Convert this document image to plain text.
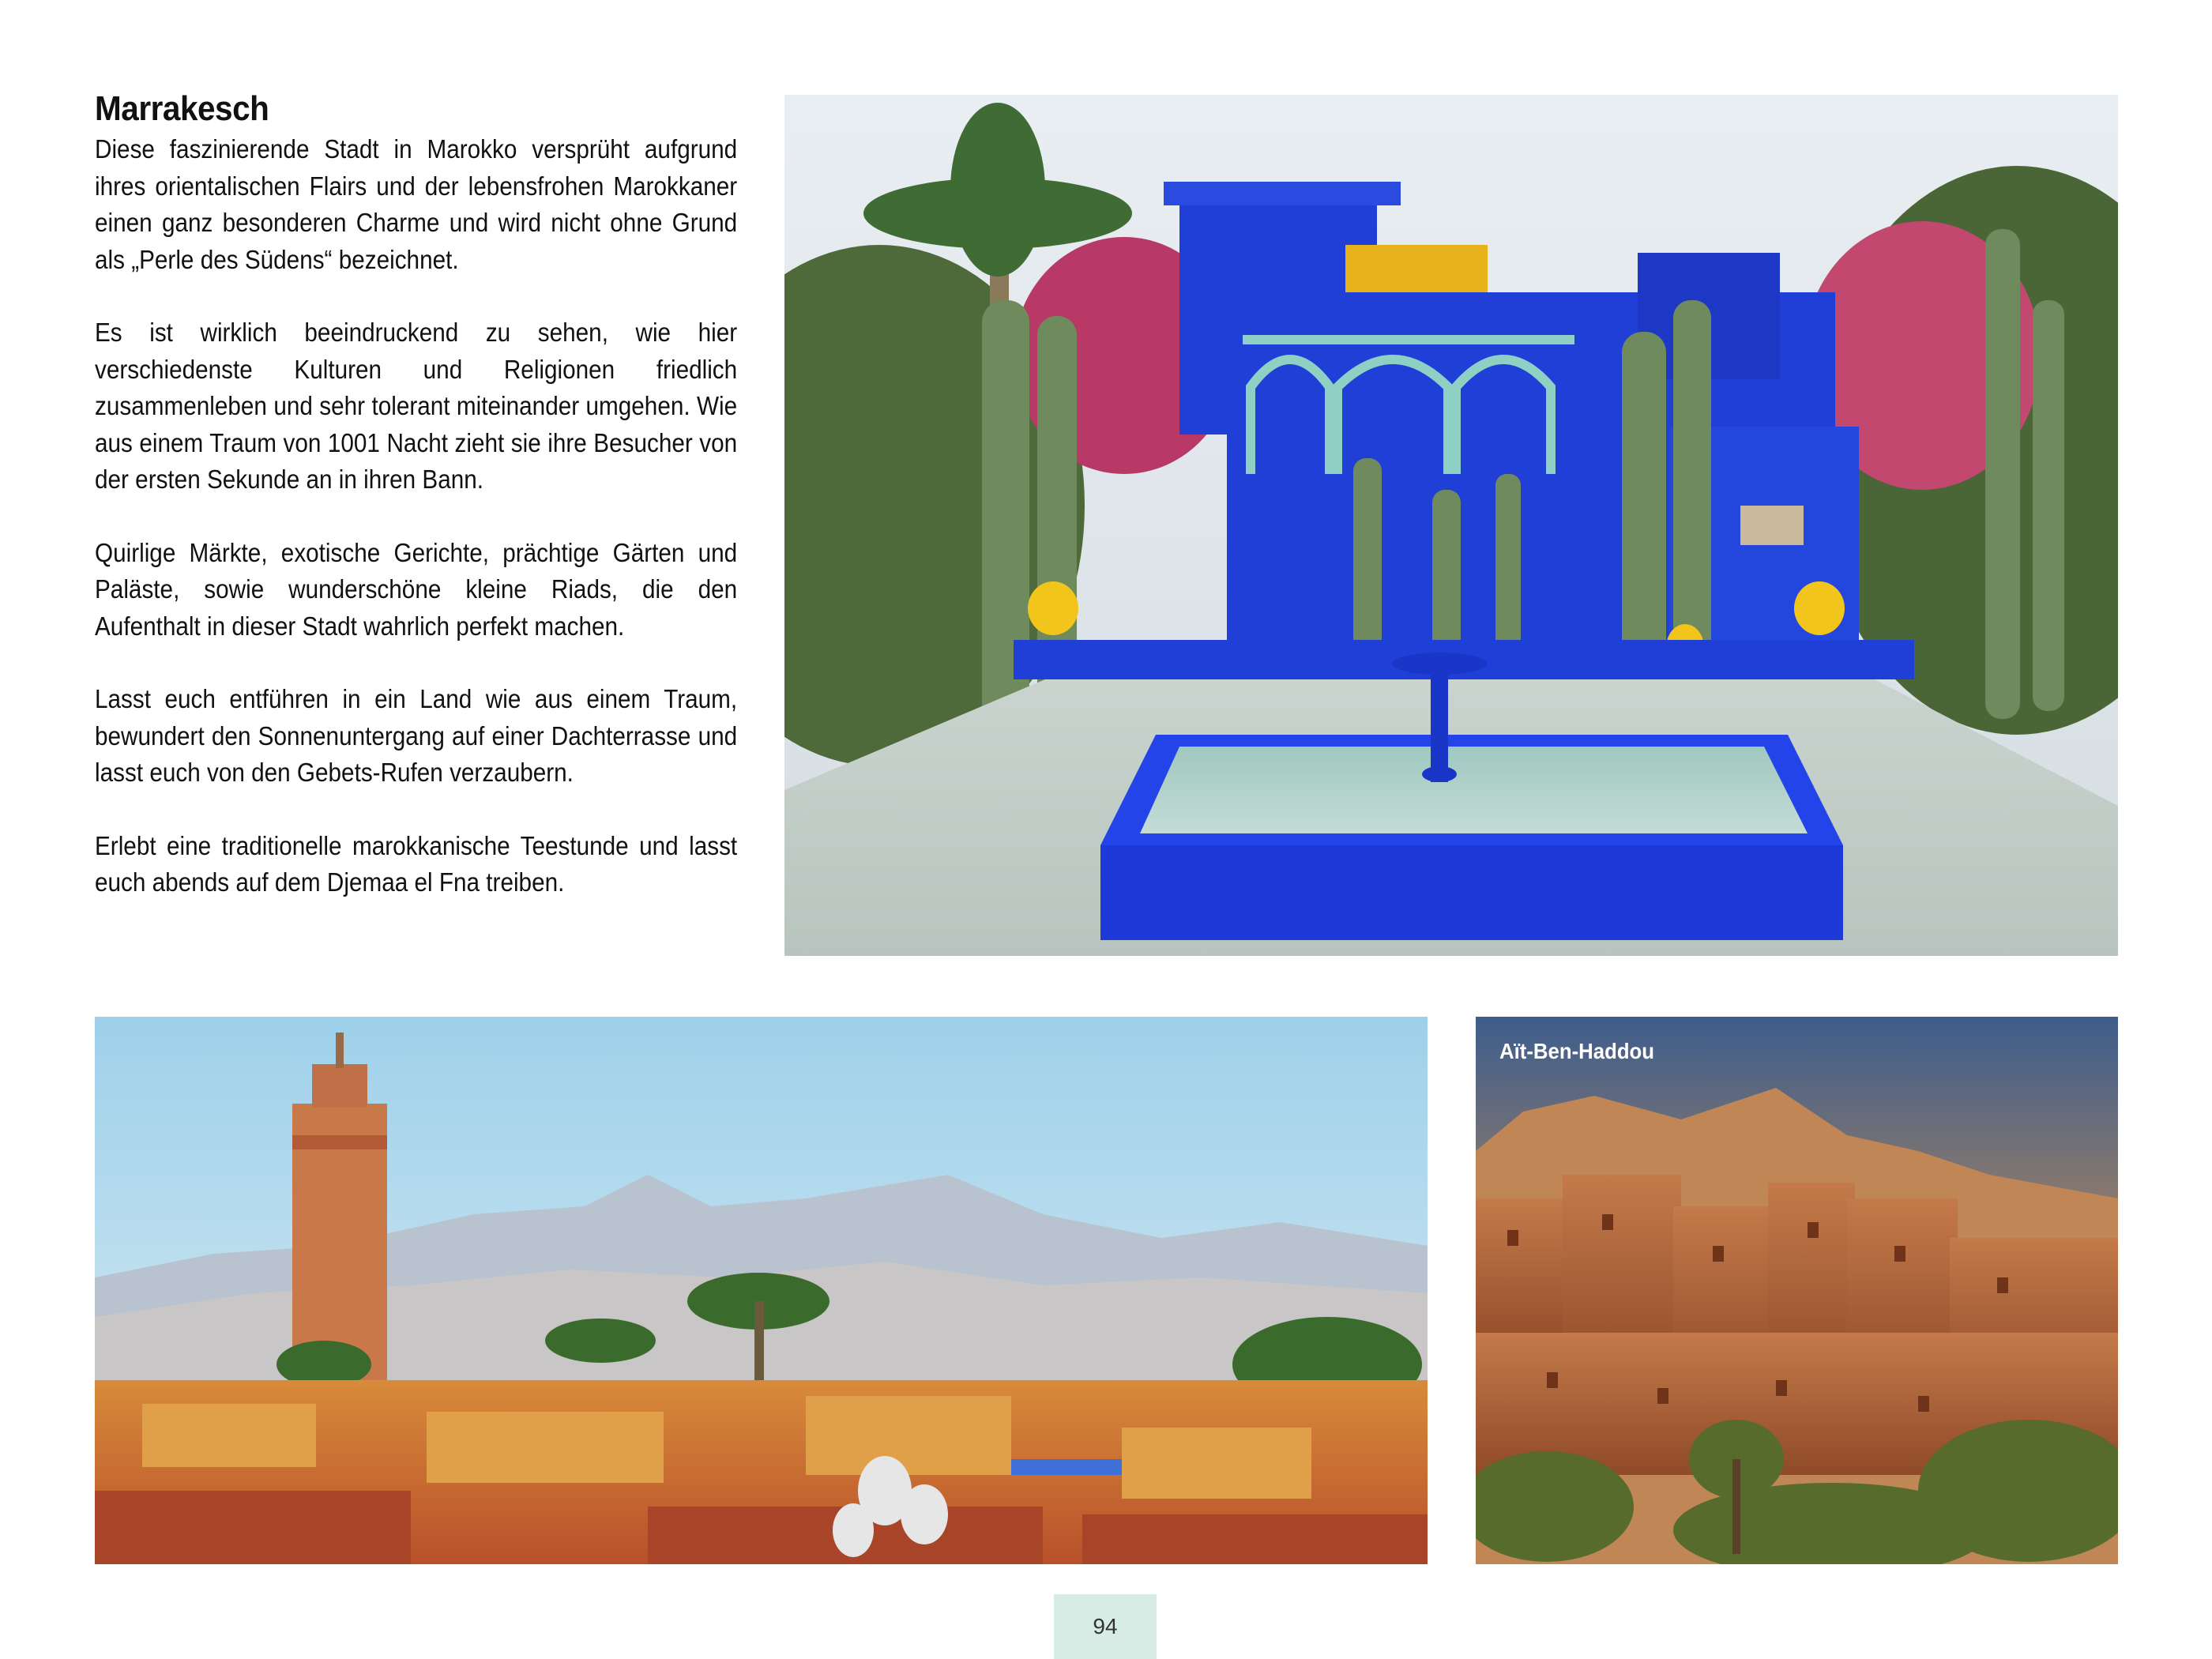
Marrakesch

Diese faszinierende Stadt in Marokko versprüht aufgrund ihres orientalischen Flairs und der lebensfrohen Marokkaner einen ganz besonderen Charme und wird nicht ohne Grund als „Perle des Südens“ bezeichnet.

Es ist wirklich beeindruckend zu sehen, wie hier verschiedenste Kulturen und Religionen friedlich zusammenleben und sehr tolerant miteinander umgehen. Wie aus einem Traum von 1001 Nacht zieht sie ihre Besucher von der ersten Sekunde an in ihren Bann.

Quirlige Märkte, exotische Gerichte, prächtige Gärten und Paläste, sowie wunderschöne kleine Riads, die den Aufenthalt in dieser Stadt wahrlich perfekt machen.

Lasst euch entführen in ein Land wie aus einem Traum, bewundert den Sonnenuntergang auf einer Dachterrasse und lasst euch von den Gebets-Rufen verzaubern.

Erlebt eine traditionelle marokkanische Teestunde und lasst euch abends auf dem Djemaa el Fna treiben.

Aït-Ben-Haddou
94
